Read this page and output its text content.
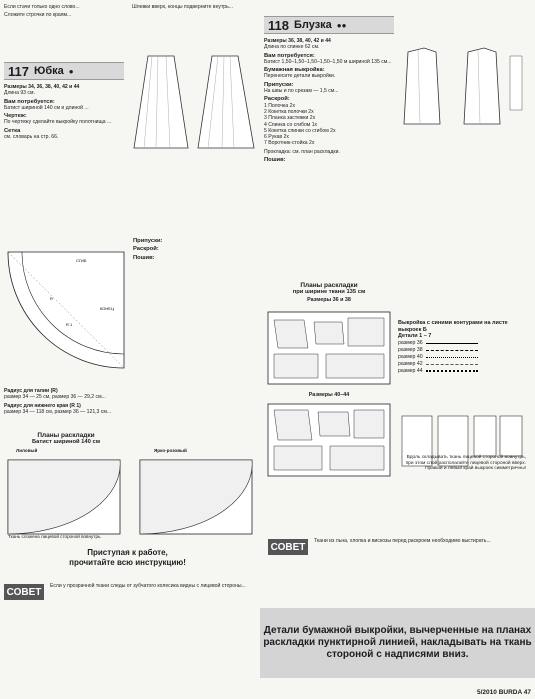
Если стачи только одно слово...
Сложите строчки по краям...
Шлевки вверх, концы подверните внутрь...
117 Юбка ●
Размеры 34, 36, 38, 40, 42 и 44
Длина 93 см.
Вам потребуется:
Батист шириной 140 см и длиной ...
Чертеж:
По чертежу сделайте выкройку полотнища ...
Сетка
см. словарь на стр. 66.
Припуски:
Раскрой:
Пошив:
СГИБ
КОНЕЦ
R
R 1
Радиус для талии (R)
размер 34 — 25 см, размер 36 — 29,2 см...
Радиус для нижнего края (R 1)
размер 34 — 118 см, размер 36 — 121,3 см...
Планы раскладки
Батист шириной 140 см
Лиловый	Ярко-розовый
Ткань сложена лицевой стороной вовнутрь.
Приступая к работе,
прочитайте всю инструкцию!
СОВЕТ
Если у прозрачной ткани следы от зубчатого колесика видны с лицевой стороны...
118 Блузка ●●
Размеры 36, 38, 40, 42 и 44
Длина по спинке 62 см.
Вам потребуется:
Батист 1,50–1,50–1,50–1,50–1,50 м шириной 135 см...
Бумажная выкройка:
Перенесите детали выкройки.
Припуски:
На швы и по срезам — 1,5 см...
Раскрой:
1 Полочка 2x
2 Кокетка полочки 2x
3 Планка застежки 2x
4 Спинка со сгибом 1x
5 Кокетка спинки со сгибом 2x
6 Рукав 2x
7 Воротник-стойка 2x
Прокладка: см. план раскладки.
Пошив:
Выкройка с синими контурами на листе выкроек Б
Детали 1 – 7
размер 36
размер 38
размер 40
размер 42
размер 44
Вдоль складывать ткань лицевой стороной вовнутрь, при этом слой располагайте лицевой стороной вверх. Правый и левый край выкроек симметричны!
Планы раскладки
при ширине ткани 135 см
Размеры 36 и 38
Размеры 40–44
СОВЕТ
Ткани из льна, хлопка и вискозы перед раскроем необходимо выстирать...
Детали бумажной выкройки, вычерченные на планах раскладки пунктирной линией, накладывать на ткань стороной с надписями вниз.
5/2010 BURDA 47
